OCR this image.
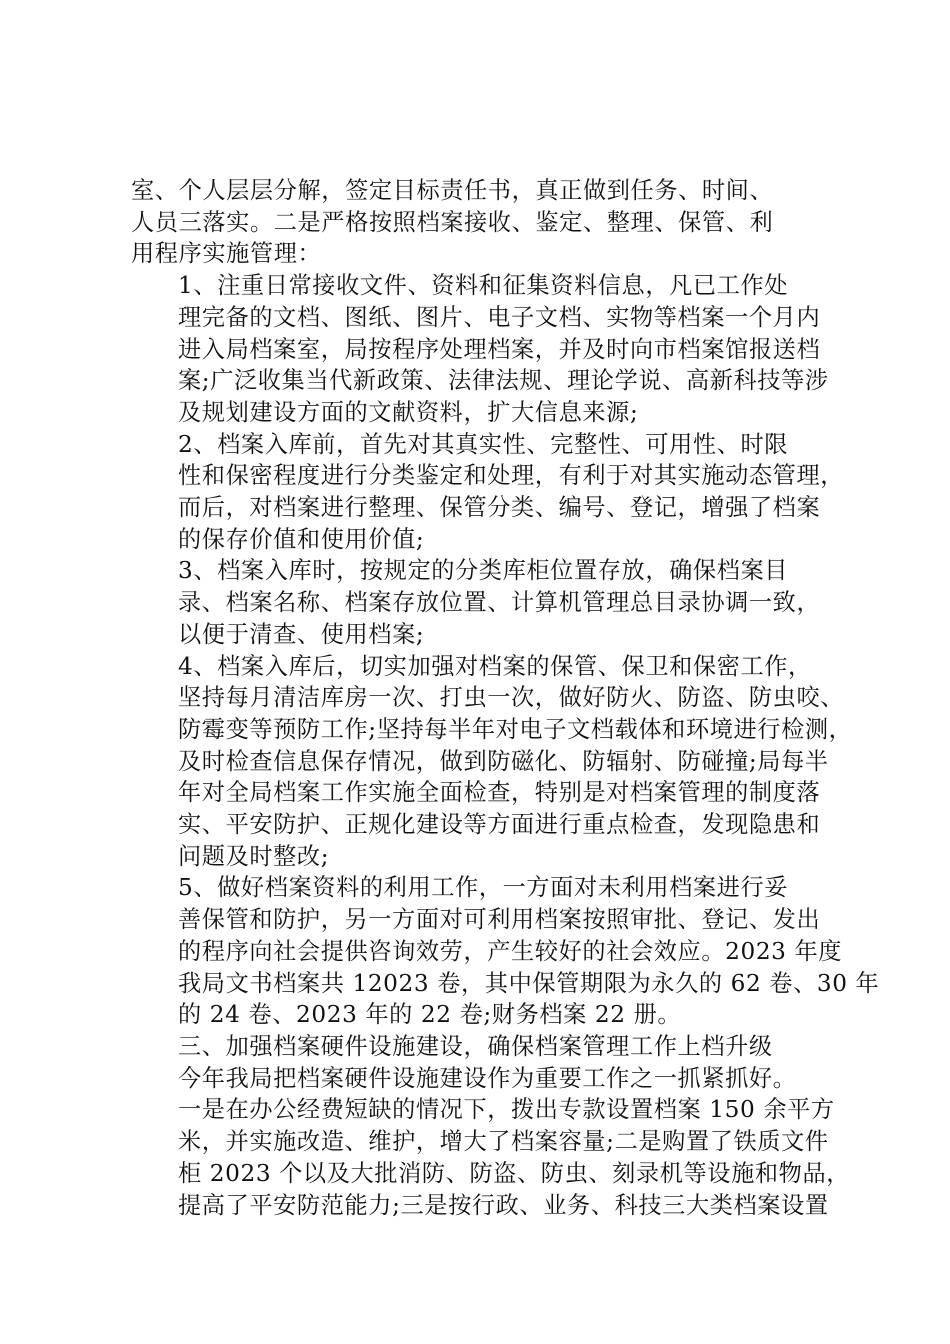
室、个人层层分解，签定目标责任书，真正做到任务、时间、
人员三落实。二是严格按照档案接收、鉴定、整理、保管、利
用程序实施管理：

1、注重日常接收文件、资料和征集资料信息，凡已工作处
理完备的文档、图纸、图片、电子文档、实物等档案一个月内
进入局档案室，局按程序处理档案，并及时向市档案馆报送档
案;广泛收集当代新政策、法律法规、理论学说、高新科技等涉
及规划建设方面的文献资料，扩大信息来源;

2、档案入库前，首先对其真实性、完整性、可用性、时限
性和保密程度进行分类鉴定和处理，有利于对其实施动态管理，
而后，对档案进行整理、保管分类、编号、登记，增强了档案
的保存价值和使用价值;

3、档案入库时，按规定的分类库柜位置存放，确保档案目
录、档案名称、档案存放位置、计算机管理总目录协调一致，
以便于清查、使用档案;

4、档案入库后，切实加强对档案的保管、保卫和保密工作，
坚持每月清洁库房一次、打虫一次，做好防火、防盗、防虫咬、
防霉变等预防工作;坚持每半年对电子文档载体和环境进行检测，
及时检查信息保存情况，做到防磁化、防辐射、防碰撞;局每半
年对全局档案工作实施全面检查，特别是对档案管理的制度落
实、平安防护、正规化建设等方面进行重点检查，发现隐患和
问题及时整改;

5、做好档案资料的利用工作，一方面对未利用档案进行妥
善保管和防护，另一方面对可利用档案按照审批、登记、发出
的程序向社会提供咨询效劳，产生较好的社会效应。2023 年度
我局文书档案共 12023 卷，其中保管期限为永久的 62 卷、30 年
的 24 卷、2023 年的 22 卷;财务档案 22 册。

三、加强档案硬件设施建设，确保档案管理工作上档升级

今年我局把档案硬件设施建设作为重要工作之一抓紧抓好。
一是在办公经费短缺的情况下，拨出专款设置档案 150 余平方
米，并实施改造、维护，增大了档案容量;二是购置了铁质文件
柜 2023 个以及大批消防、防盗、防虫、刻录机等设施和物品，
提高了平安防范能力;三是按行政、业务、科技三大类档案设置
